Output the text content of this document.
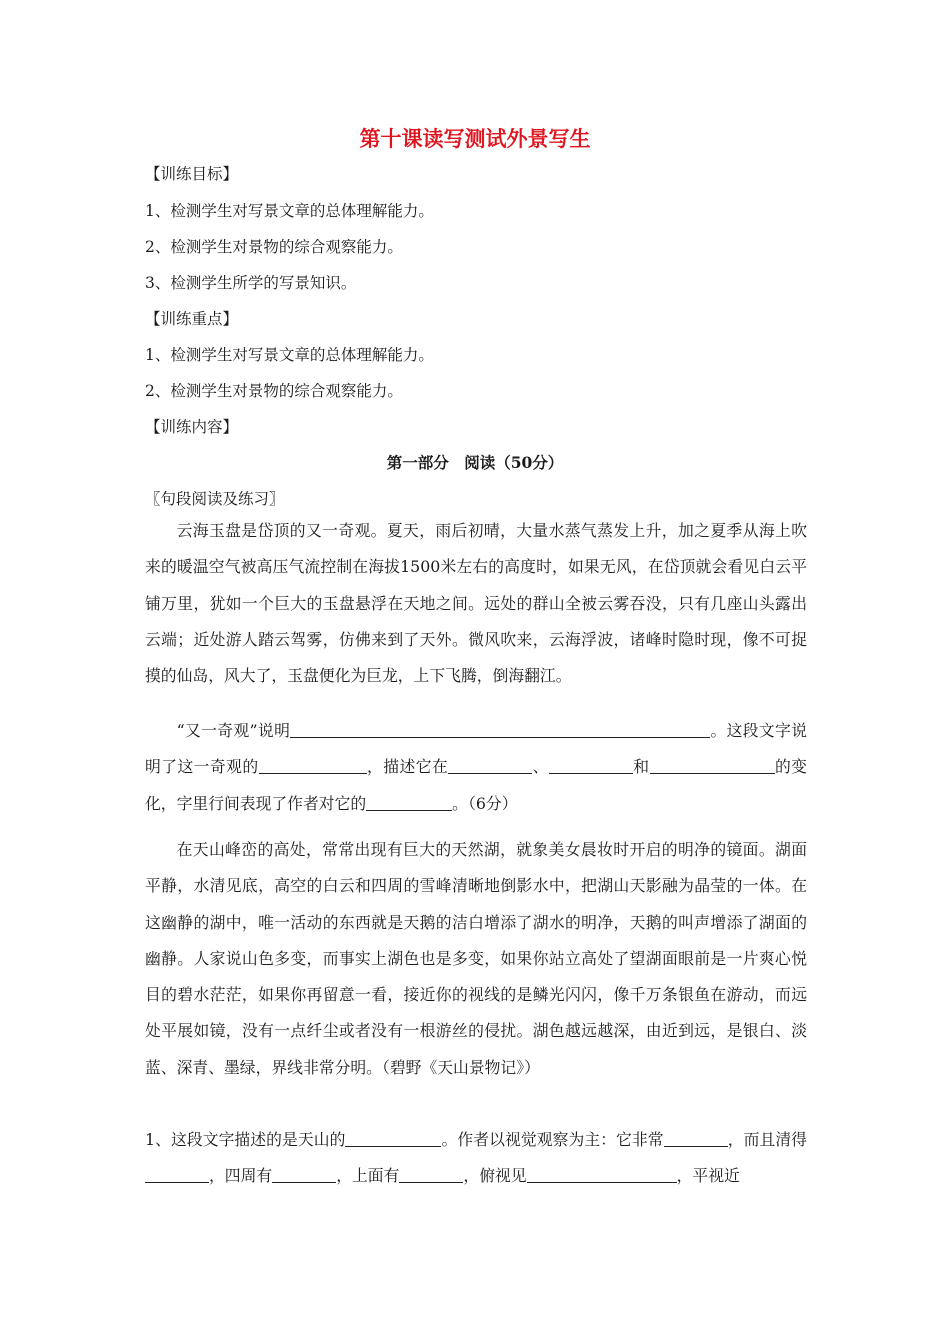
第十课读写测试外景写生
【训练目标】
1、检测学生对写景文章的总体理解能力。
2、检测学生对景物的综合观察能力。
3、检测学生所学的写景知识。
【训练重点】
1、检测学生对写景文章的总体理解能力。
2、检测学生对景物的综合观察能力。
【训练内容】
第一部分　阅读（50分）
〖句段阅读及练习〗
云海玉盘是岱顶的又一奇观。夏天，雨后初晴，大量水蒸气蒸发上升，加之夏季从海上吹来的暖温空气被高压气流控制在海拔1500米左右的高度时，如果无风，在岱顶就会看见白云平铺万里，犹如一个巨大的玉盘悬浮在天地之间。远处的群山全被云雾吞没，只有几座山头露出云端；近处游人踏云驾雾，仿佛来到了天外。微风吹来，云海浮波，诸峰时隐时现，像不可捉摸的仙岛，风大了，玉盘便化为巨龙，上下飞腾，倒海翻江。
“又一奇观”说明	。这段文字说明了这一奇观的	，描述它在	、	和	的变化，字里行间表现了作者对它的	。（6分）
在天山峰峦的高处，常常出现有巨大的天然湖，就象美女晨妆时开启的明净的镜面。湖面平静，水清见底，高空的白云和四周的雪峰清晰地倒影水中，把湖山天影融为晶莹的一体。在这幽静的湖中，唯一活动的东西就是天鹅的洁白增添了湖水的明净，天鹅的叫声增添了湖面的幽静。人家说山色多变，而事实上湖色也是多变，如果你站立高处了望湖面眼前是一片爽心悦目的碧水茫茫，如果你再留意一看，接近你的视线的是鳞光闪闪，像千万条银鱼在游动，而远处平展如镜，没有一点纤尘或者没有一根游丝的侵扰。湖色越远越深，由近到远，是银白、淡蓝、深青、墨绿，界线非常分明。（碧野《天山景物记》）
1、这段文字描述的是天山的	。作者以视觉观察为主：它非常	，而且清得，四周有	，上面有	，俯视见	，平视近
